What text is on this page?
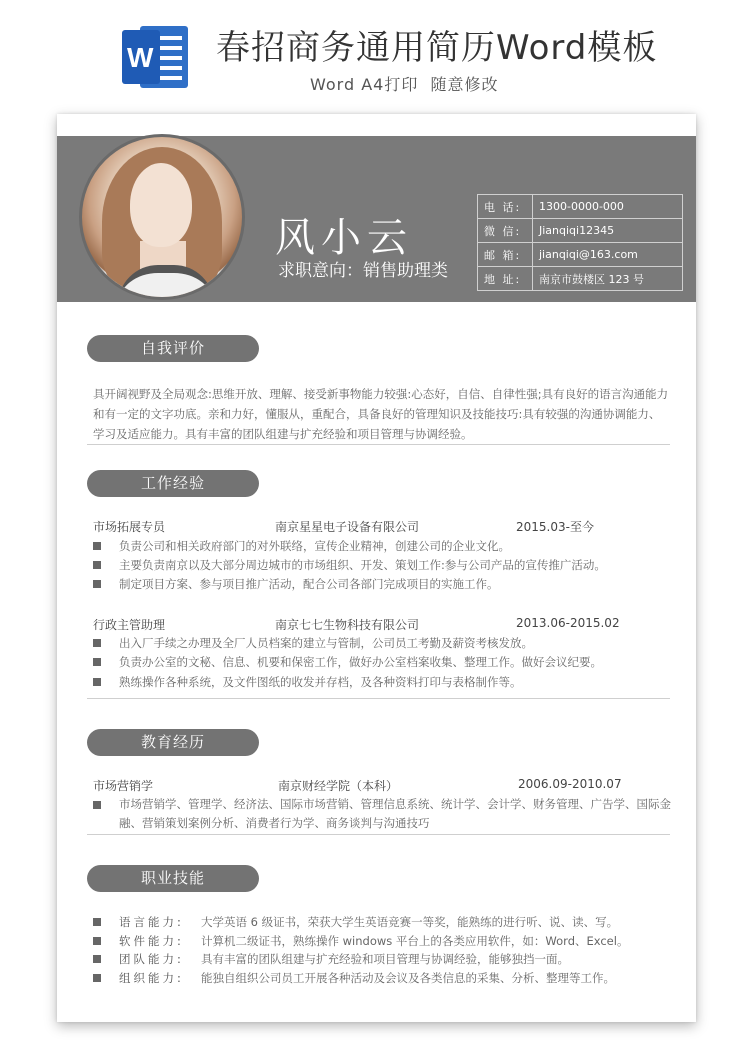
W 春招商务通用简历Word模板
Word A4打印 随意修改
风小云
求职意向：销售助理类
电 话:	1300-0000-000
微 信:	Jianqiqi12345
邮 箱:	jianqiqi@163.com
地 址:	南京市鼓楼区 123 号
自我评价
具开阔视野及全局观念:思维开放、理解、接受新事物能力较强:心态好，自信、自律性强;具有良好的语言沟通能力和有一定的文字功底。亲和力好，懂服从，重配合，具备良好的管理知识及技能技巧:具有较强的沟通协调能力、学习及适应能力。具有丰富的团队组建与扩充经验和项目管理与协调经验。
工作经验
市场拓展专员	南京星星电子设备有限公司	2015.03-至今
负责公司和相关政府部门的对外联络，宣传企业精神，创建公司的企业文化。
主要负责南京以及大部分周边城市的市场组织、开发、策划工作:参与公司产品的宣传推广活动。
制定项目方案、参与项目推广活动，配合公司各部门完成项目的实施工作。
行政主管助理	南京七七生物科技有限公司	2013.06-2015.02
出入厂手续之办理及全厂人员档案的建立与管制，公司员工考勤及薪资考核发放。
负责办公室的文秘、信息、机要和保密工作，做好办公室档案收集、整理工作。做好会议纪要。
熟练操作各种系统，及文件图纸的收发并存档，及各种资料打印与表格制作等。
教育经历
市场营销学	南京财经学院（本科）	2006.09-2010.07
市场营销学、管理学、经济法、国际市场营销、管理信息系统、统计学、会计学、财务管理、广告学、国际金融、营销策划案例分析、消费者行为学、商务谈判与沟通技巧
职业技能
语言能力: 大学英语 6 级证书，荣获大学生英语竞赛一等奖，能熟练的进行听、说、读、写。
软件能力: 计算机二级证书，熟练操作 windows 平台上的各类应用软件，如：Word、Excel。
团队能力: 具有丰富的团队组建与扩充经验和项目管理与协调经验，能够独挡一面。
组织能力: 能独自组织公司员工开展各种活动及会议及各类信息的采集、分析、整理等工作。
